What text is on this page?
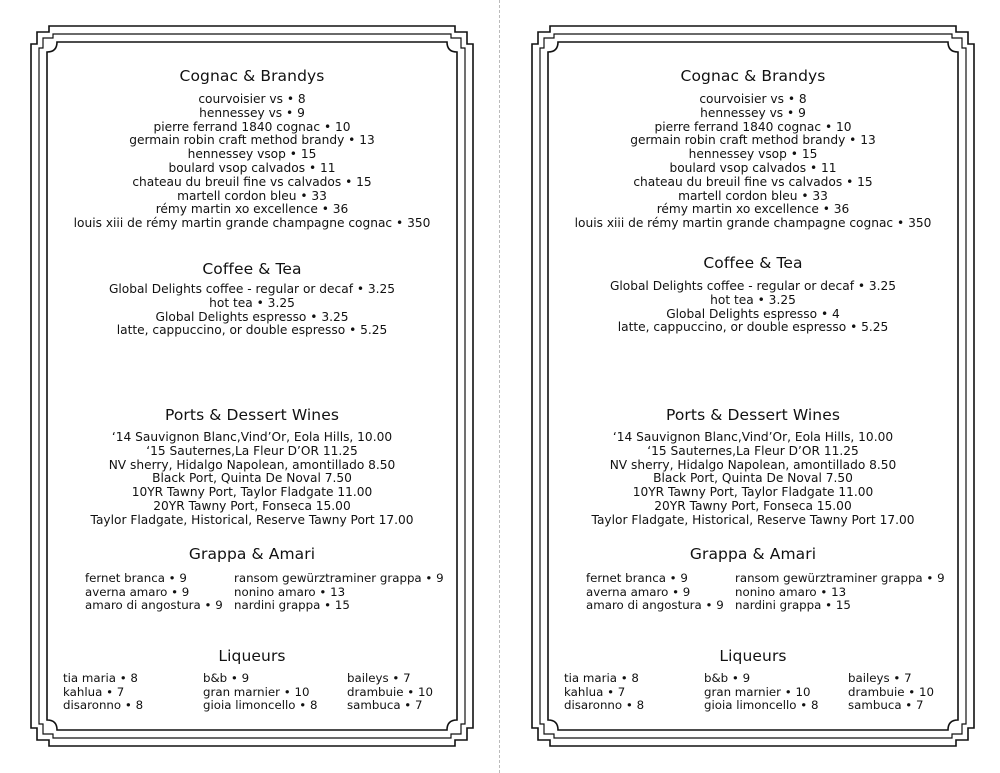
Cognac & Brandys
courvoisier vs • 8
hennessey vs • 9
pierre ferrand 1840 cognac • 10
germain robin craft method brandy • 13
hennessey vsop • 15
boulard vsop calvados • 11
chateau du breuil fine vs calvados • 15
martell cordon bleu • 33
rémy martin xo excellence • 36
louis xiii de rémy martin grande champagne cognac • 350
Coffee & Tea
Global Delights coffee - regular or decaf • 3.25
hot tea • 3.25
Global Delights espresso • 3.25
latte, cappuccino, or double espresso • 5.25
Ports & Dessert Wines
‘14 Sauvignon Blanc,Vind’Or, Eola Hills, 10.00
‘15 Sauternes,La Fleur D’OR 11.25
NV sherry, Hidalgo Napolean, amontillado 8.50
Black Port, Quinta De Noval 7.50
10YR Tawny Port, Taylor Fladgate 11.00
20YR Tawny Port, Fonseca 15.00
Taylor Fladgate, Historical, Reserve Tawny Port 17.00
Grappa & Amari
fernet branca • 9
averna amaro • 9
amaro di angostura • 9
ransom gewürztraminer grappa • 9
nonino amaro • 13
nardini grappa • 15
Liqueurs
tia maria • 8
kahlua • 7
disaronno • 8
b&b • 9
gran marnier • 10
gioia limoncello • 8
baileys • 7
drambuie • 10
sambuca • 7
Cognac & Brandys
courvoisier vs • 8
hennessey vs • 9
pierre ferrand 1840 cognac • 10
germain robin craft method brandy • 13
hennessey vsop • 15
boulard vsop calvados • 11
chateau du breuil fine vs calvados • 15
martell cordon bleu • 33
rémy martin xo excellence • 36
louis xiii de rémy martin grande champagne cognac • 350
Coffee & Tea
Global Delights coffee - regular or decaf • 3.25
hot tea • 3.25
Global Delights espresso • 4
latte, cappuccino, or double espresso • 5.25
Ports & Dessert Wines
‘14 Sauvignon Blanc,Vind’Or, Eola Hills, 10.00
‘15 Sauternes,La Fleur D’OR 11.25
NV sherry, Hidalgo Napolean, amontillado 8.50
Black Port, Quinta De Noval 7.50
10YR Tawny Port, Taylor Fladgate 11.00
20YR Tawny Port, Fonseca 15.00
Taylor Fladgate, Historical, Reserve Tawny Port 17.00
Grappa & Amari
fernet branca • 9
averna amaro • 9
amaro di angostura • 9
ransom gewürztraminer grappa • 9
nonino amaro • 13
nardini grappa • 15
Liqueurs
tia maria • 8
kahlua • 7
disaronno • 8
b&b • 9
gran marnier • 10
gioia limoncello • 8
baileys • 7
drambuie • 10
sambuca • 7
